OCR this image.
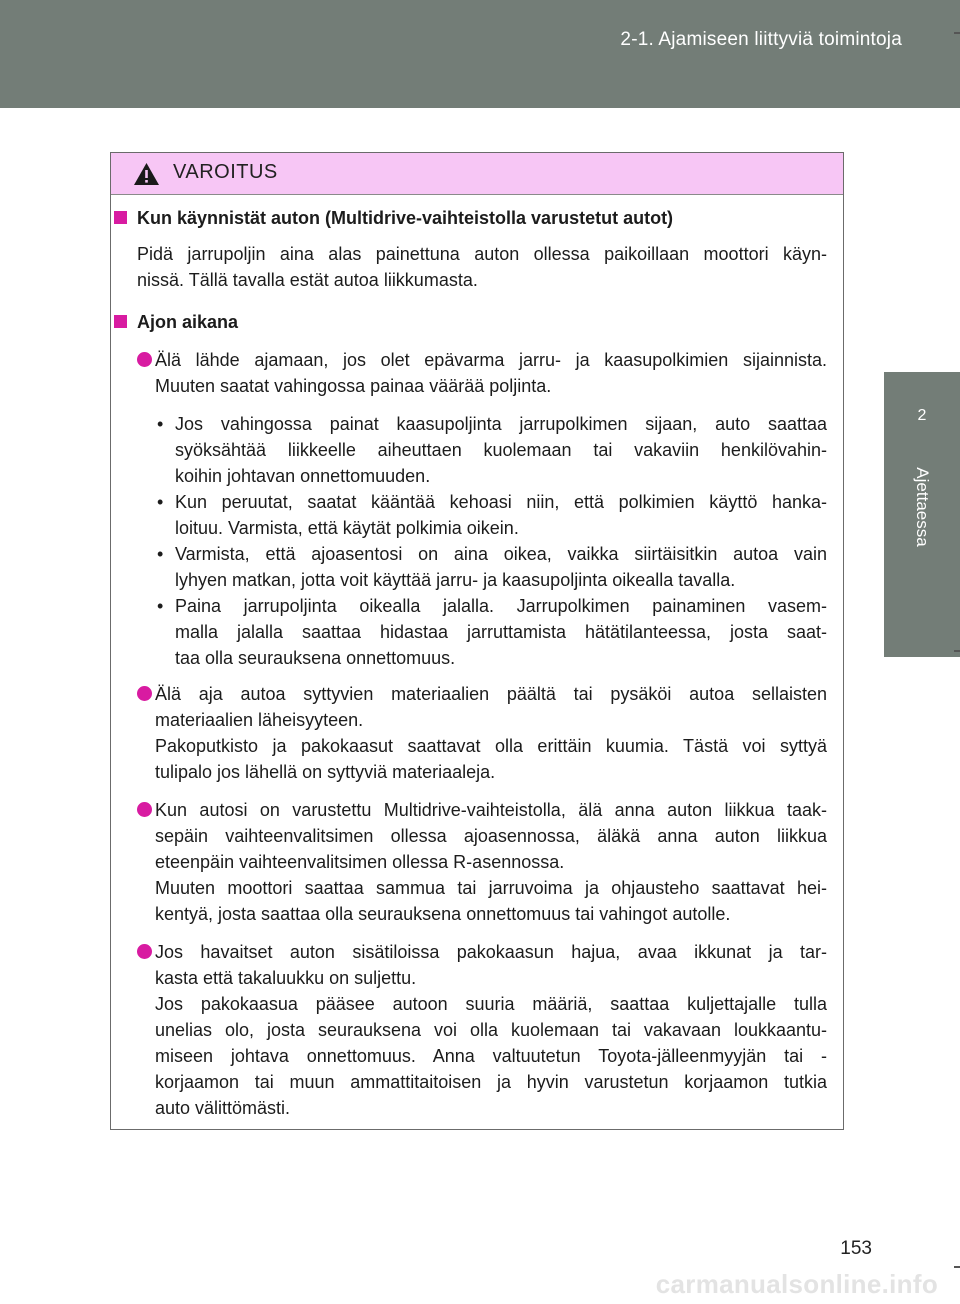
2-1. Ajamiseen liittyviä toimintoja
2
Ajettaessa
VAROITUS
Kun käynnistät auton (Multidrive-vaihteistolla varustetut autot)
Pidä jarrupoljin aina alas painettuna auton ollessa paikoillaan moottori käyn-
nissä. Tällä tavalla estät autoa liikkumasta.
Ajon aikana
Älä lähde ajamaan, jos olet epävarma jarru- ja kaasupolkimien sijainnista.
Muuten saatat vahingossa painaa väärää poljinta.
• Jos vahingossa painat kaasupoljinta jarrupolkimen sijaan, auto saattaa
syöksähtää liikkeelle aiheuttaen kuolemaan tai vakaviin henkilövahin-
koihin johtavan onnettomuuden.
• Kun peruutat, saatat kääntää kehoasi niin, että polkimien käyttö hanka-
loituu. Varmista, että käytät polkimia oikein.
• Varmista, että ajoasentosi on aina oikea, vaikka siirtäisitkin autoa vain
lyhyen matkan, jotta voit käyttää jarru- ja kaasupoljinta oikealla tavalla.
• Paina jarrupoljinta oikealla jalalla. Jarrupolkimen painaminen vasem-
malla jalalla saattaa hidastaa jarruttamista hätätilanteessa, josta saat-
taa olla seurauksena onnettomuus.
Älä aja autoa syttyvien materiaalien päältä tai pysäköi autoa sellaisten
materiaalien läheisyyteen.
Pakoputkisto ja pakokaasut saattavat olla erittäin kuumia. Tästä voi syttyä
tulipalo jos lähellä on syttyviä materiaaleja.
Kun autosi on varustettu Multidrive-vaihteistolla, älä anna auton liikkua taak-
sepäin vaihteenvalitsimen ollessa ajoasennossa, äläkä anna auton liikkua
eteenpäin vaihteenvalitsimen ollessa R-asennossa.
Muuten moottori saattaa sammua tai jarruvoima ja ohjausteho saattavat hei-
kentyä, josta saattaa olla seurauksena onnettomuus tai vahingot autolle.
Jos havaitset auton sisätiloissa pakokaasun hajua, avaa ikkunat ja tar-
kasta että takaluukku on suljettu.
Jos pakokaasua pääsee autoon suuria määriä, saattaa kuljettajalle tulla
unelias olo, josta seurauksena voi olla kuolemaan tai vakavaan loukkaantu-
miseen johtava onnettomuus. Anna valtuutetun Toyota-jälleenmyyjän tai -
korjaamon tai muun ammattitaitoisen ja hyvin varustetun korjaamon tutkia
auto välittömästi.
153
carmanualsonline.info
